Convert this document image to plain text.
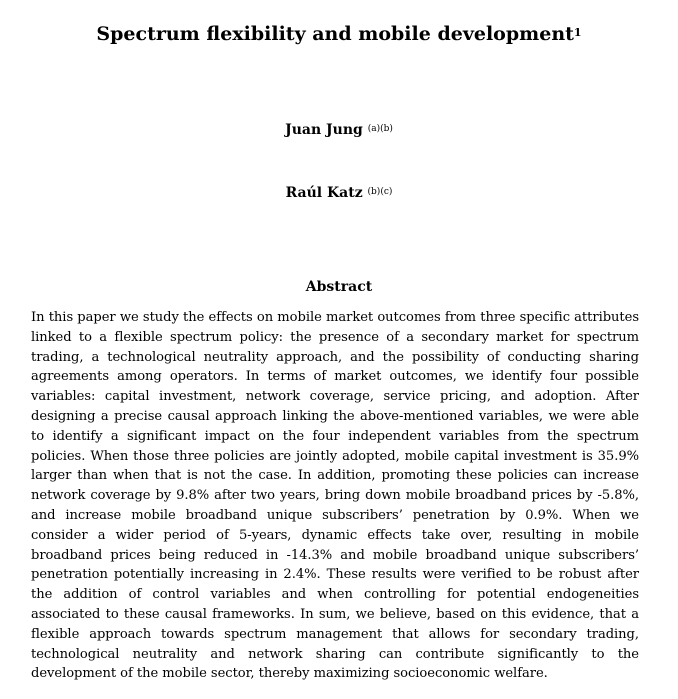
Spectrum flexibility and mobile development$^1$
Juan Jung $^{(a)(b)}$
Raúl Katz $^{(b)(c)}$
Abstract
In this paper we study the effects on mobile market outcomes from three specific attributes linked to a flexible spectrum policy: the presence of a secondary market for spectrum trading, a technological neutrality approach, and the possibility of conducting sharing agreements among operators. In terms of market outcomes, we identify four possible variables: capital investment, network coverage, service pricing, and adoption. After designing a precise causal approach linking the above-mentioned variables, we were able to identify a significant impact on the four independent variables from the spectrum policies. When those three policies are jointly adopted, mobile capital investment is 35.9% larger than when that is not the case. In addition, promoting these policies can increase network coverage by 9.8% after two years, bring down mobile broadband prices by -5.8%, and increase mobile broadband unique subscribers’ penetration by 0.9%. When we consider a wider period of 5-years, dynamic effects take over, resulting in mobile broadband prices being reduced in -14.3% and mobile broadband unique subscribers’ penetration potentially increasing in 2.4%. These results were verified to be robust after the addition of control variables and when controlling for potential endogeneities associated to these causal frameworks. In sum, we believe, based on this evidence, that a flexible approach towards spectrum management that allows for secondary trading, technological neutrality and network sharing can contribute significantly to the development of the mobile sector, thereby maximizing socioeconomic welfare.
